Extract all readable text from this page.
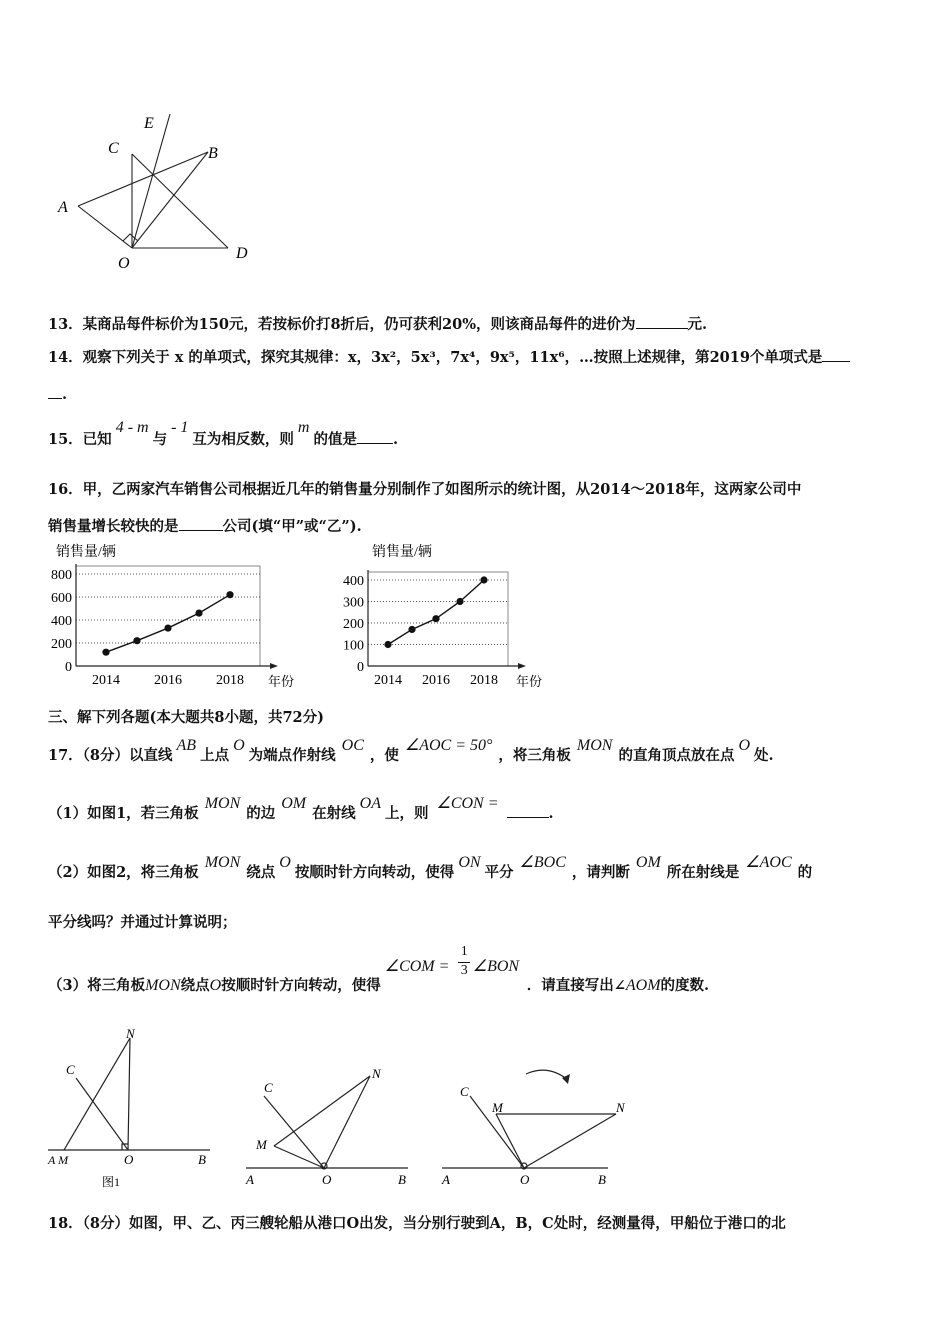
E
C	B
A
O
D
13．某商品每件标价为150元，若按标价打8折后，仍可获利20%，则该商品每件的进价为	元.
14．观察下列关于 x 的单项式，探究其规律：x，3x²，5x³，7x⁴，9x⁵，11x⁶，…按照上述规律，第2019个单项式是
.
15．已知4 - m与- 1互为相反数，则m的值是 .
16．甲，乙两家汽车销售公司根据近几年的销售量分别制作了如图所示的统计图，从2014～2018年，这两家公司中
销售量增长较快的是	公司(填“甲”或“乙”).
0
200
400
600
800
2014 2016 2018
销售量/辆
年份
0
100
200
300
400
2014 2016 2018
销售量/辆
年份
三、解下列各题(本大题共8小题，共72分)
17．（8分）以直线AB上点O为端点作射线OC，使∠AOC = 50°，将三角板MON的直角顶点放在点O处.
（1）如图1，若三角板MON的边OM在射线OA上，则∠CON =.
（2）如图2，将三角板MON绕点O按顺时针方向转动，使得ON平分∠BOC，请判断OM所在射线是∠AOC的
平分线吗？并通过计算说明；
（3）将三角板MON绕点O按顺时针方向转动，使得
∠COM =
1
3 ∠BON
．请直接写出∠AOM的度数.
C
N
A M	O	B
图1
C
N
M
A	O	B
C
M	N
A	O	B
18．（8分）如图，甲、乙、丙三艘轮船从港口O出发，当分别行驶到A，B，C处时，经测量得，甲船位于港口的北
